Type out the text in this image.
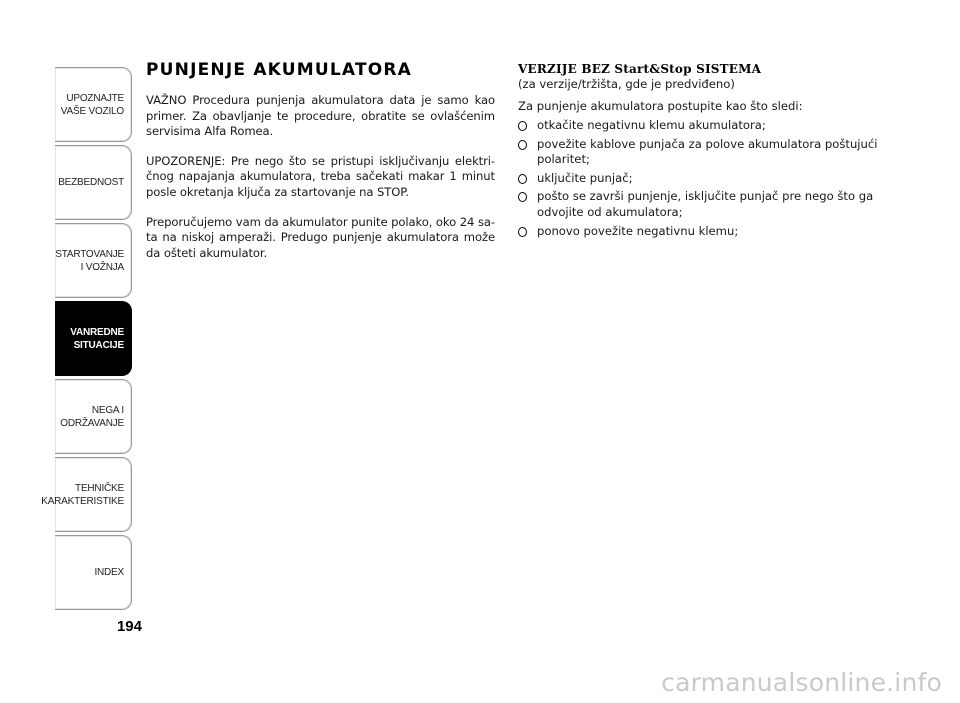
UPOZNAJTE
VAŠE VOZILO
BEZBEDNOST
STARTOVANJE
I VOŽNJA
VANREDNE
SITUACIJE
NEGA I
ODRŽAVANJE
TEHNIČKE
KARAKTERISTIKE
INDEX
194
PUNJENJE AKUMULATORA

VAŽNO Procedura punjenja akumulatora data je samo kao primer. Za obavljanje te procedure, obratite se ovlašćenim servisima Alfa Romea.

UPOZORENJE: Pre nego što se pristupi isključivanju elektri-čnog napajanja akumulatora, treba sačekati makar 1 minut posle okretanja ključa za startovanje na STOP.

Preporučujemo vam da akumulator punite polako, oko 24 sa-ta na niskoj amperaži. Predugo punjenje akumulatora može da ošteti akumulator.

VERZIJE BEZ Start&Stop SISTEMA

(za verzije/tržišta, gde je predviđeno)

Za punjenje akumulatora postupite kao što sledi:

otkačite negativnu klemu akumulatora;
povežite kablove punjača za polove akumulatora poštujući polaritet;
uključite punjač;
pošto se završi punjenje, isključite punjač pre nego što ga odvojite od akumulatora;
ponovo povežite negativnu klemu;
carmanualsonline.info
